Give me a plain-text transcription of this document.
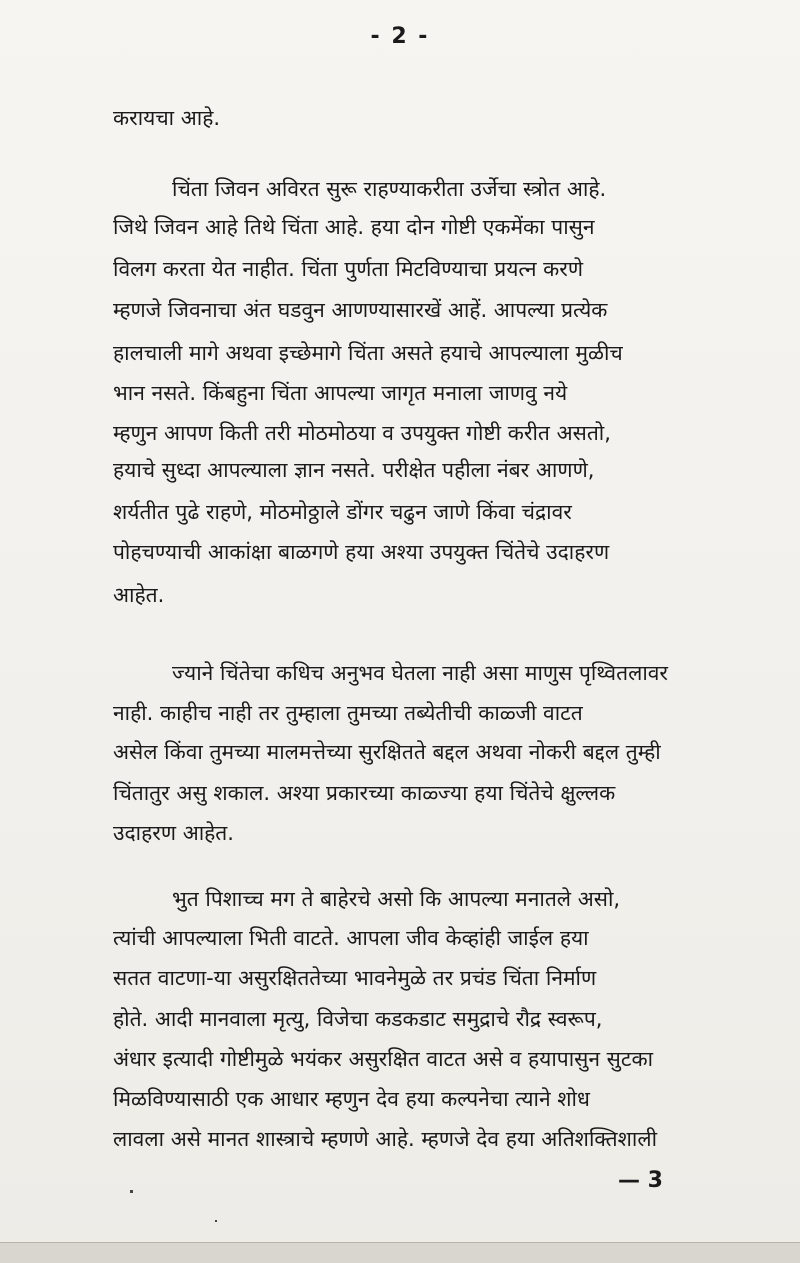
- 2 -
करायचा आहे.
चिंता जिवन अविरत सुरू राहण्याकरीता उर्जेचा स्त्रोत आहे.
जिथे जिवन आहे तिथे चिंता आहे. हया दोन गोष्टी एकमेंका पासुन
विलग करता येत नाहीत. चिंता पुर्णता मिटविण्याचा प्रयत्न करणे
म्हणजे जिवनाचा अंत घडवुन आणण्यासारखें आहें. आपल्या प्रत्येक
हालचाली मागे अथवा इच्छेमागे चिंता असते हयाचे आपल्याला मुळीच
भान नसते. किंबहुना चिंता आपल्या जागृत मनाला जाणवु नये
म्हणुन आपण किती तरी मोठमोठया व उपयुक्त गोष्टी करीत असतो,
हयाचे सुध्दा आपल्याला ज्ञान नसते. परीक्षेत पहीला नंबर आणणे,
शर्यतीत पुढे राहणे, मोठमोठ्ठाले डोंगर चढुन जाणे किंवा चंद्रावर
पोहचण्याची आकांक्षा बाळगणे हया अश्या उपयुक्त चिंतेचे उदाहरण
आहेत.
ज्याने चिंतेचा कधिच अनुभव घेतला नाही असा माणुस पृथ्वितलावर
नाही. काहीच नाही तर तुम्हाला तुमच्या तब्येतीची काळ्जी वाटत
असेल किंवा तुमच्या मालमत्तेच्या सुरक्षितते बद्दल अथवा नोकरी बद्दल तुम्ही
चिंतातुर असु शकाल. अश्या प्रकारच्या काळ्ज्या हया चिंतेचे क्षुल्लक
उदाहरण आहेत.
भुत पिशाच्च मग ते बाहेरचे असो कि आपल्या मनातले असो,
त्यांची आपल्याला भिती वाटते. आपला जीव केव्हांही जाईल हया
सतत वाटणा-या असुरक्षिततेच्या भावनेमुळे तर प्रचंड चिंता निर्माण
होते. आदी मानवाला मृत्यु, विजेचा कडकडाट समुद्राचे रौद्र स्वरूप,
अंधार इत्यादी गोष्टीमुळे भयंकर असुरक्षित वाटत असे व हयापासुन सुटका
मिळविण्यासाठी एक आधार म्हणुन देव हया कल्पनेचा त्याने शोध
लावला असे मानत शास्त्राचे म्हणणे आहे. म्हणजे देव हया अतिशक्तिशाली
— 3
